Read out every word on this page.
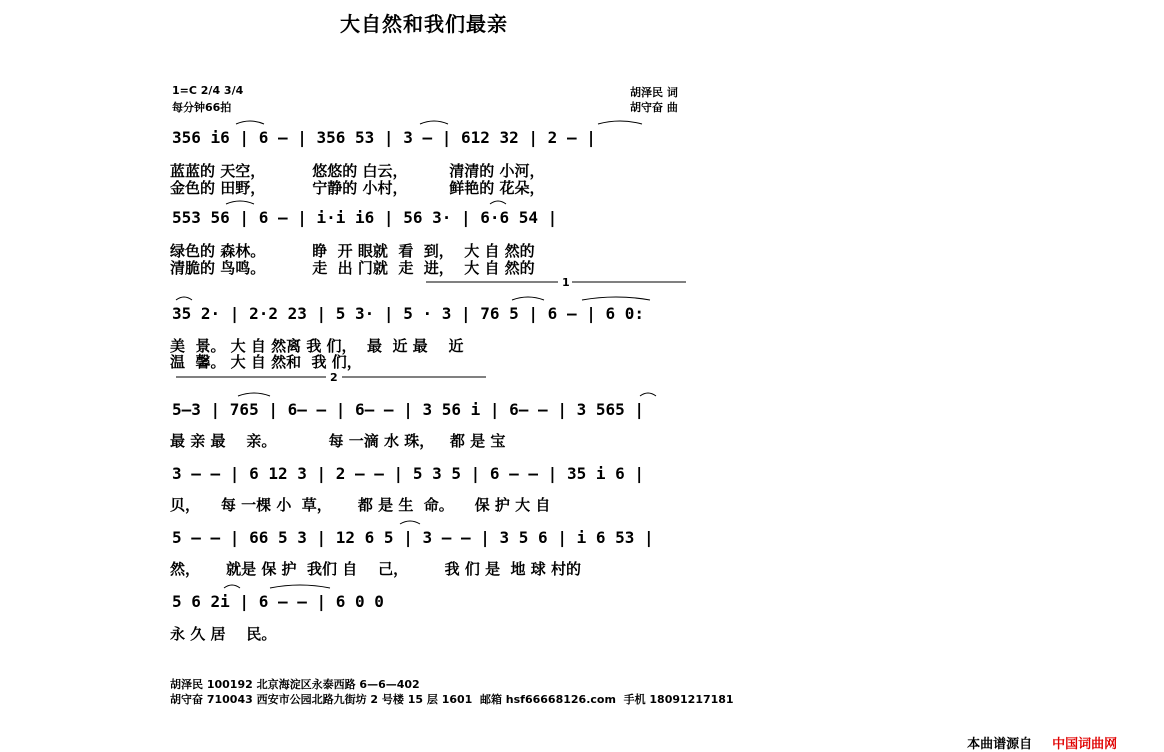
大自然和我们最亲
1=C 2/4 3/4
每分钟66拍
胡泽民 词
胡守奋 曲
356 i6 | 6 — | 356 53 | 3 — | 612 32 | 2 — |
蓝蓝的 天空，         悠悠的 白云，        清清的 小河，
金色的 田野，         宁静的 小村，        鲜艳的 花朵，
553 56 | 6 — | i·i i6 | 56 3· | 6·6 54 |
绿色的 森林。         睁  开 眼就  看  到，  大 自 然的
清脆的 鸟鸣。         走  出 门就  走  进，  大 自 然的
1
35 2· | 2·2 23 | 5 3· | 5 · 3 | 76 5 | 6 — | 6 0:
美  景。 大 自 然离 我 们，  最  近 最    近
温  馨。 大 自 然和  我 们，
2
5—3 | 765 | 6— — | 6— — | 3 56 i | 6— — | 3 565 |
最 亲 最    亲。          每 一滴 水 珠，   都 是 宝
3 — — | 6 12 3 | 2 — — | 5 3 5 | 6 — — | 35 i 6 |
贝，    每 一棵 小  草，     都 是 生  命。    保 护 大 自
5 — — | 66 5 3 | 12 6 5 | 3 — — | 3 5 6 | i 6 53 |
然，     就是 保 护  我们 自    己，       我 们 是  地 球 村的
5 6 2i | 6 — — | 6 0 0
永 久 居    民。
胡泽民 100192 北京海淀区永泰西路 6—6—402
胡守奋 710043 西安市公园北路九街坊 2 号楼 15 层 1601  邮箱 hsf66668126.com  手机 18091217181

本曲谱源自 中国词曲网
